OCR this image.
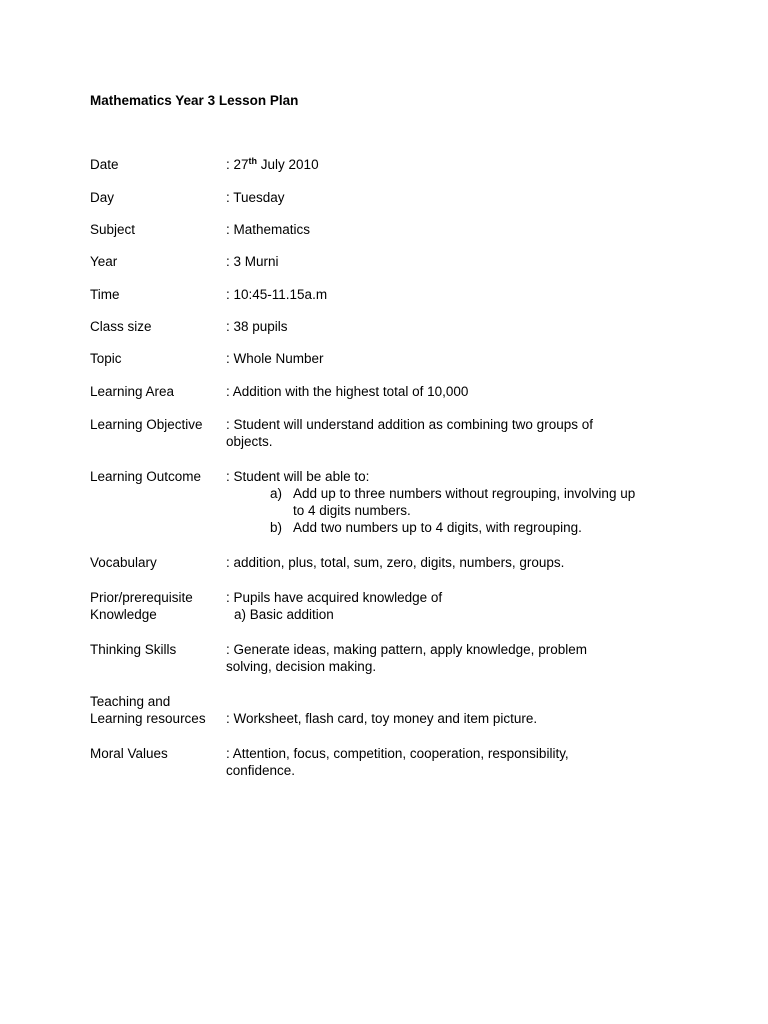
Mathematics Year 3 Lesson Plan
Date	: 27th July 2010
Day	: Tuesday
Subject	: Mathematics
Year	: 3 Murni
Time	: 10:45-11.15a.m
Class size	: 38 pupils
Topic	: Whole Number
Learning Area	: Addition with the highest total of 10,000
Learning Objective	: Student will understand addition as combining two groups of
objects.
Learning Outcome	: Student will be able to:
a) Add up to three numbers without regrouping, involving up
to 4 digits numbers.
b) Add two numbers up to 4 digits, with regrouping.
Vocabulary	: addition, plus, total, sum, zero, digits, numbers, groups.
Prior/prerequisite
Knowledge
: Pupils have acquired knowledge of
a) Basic addition
Thinking Skills	: Generate ideas, making pattern, apply knowledge, problem
solving, decision making.
Teaching and
Learning resources	: Worksheet, flash card, toy money and item picture.
Moral Values	: Attention, focus, competition, cooperation, responsibility,
confidence.
